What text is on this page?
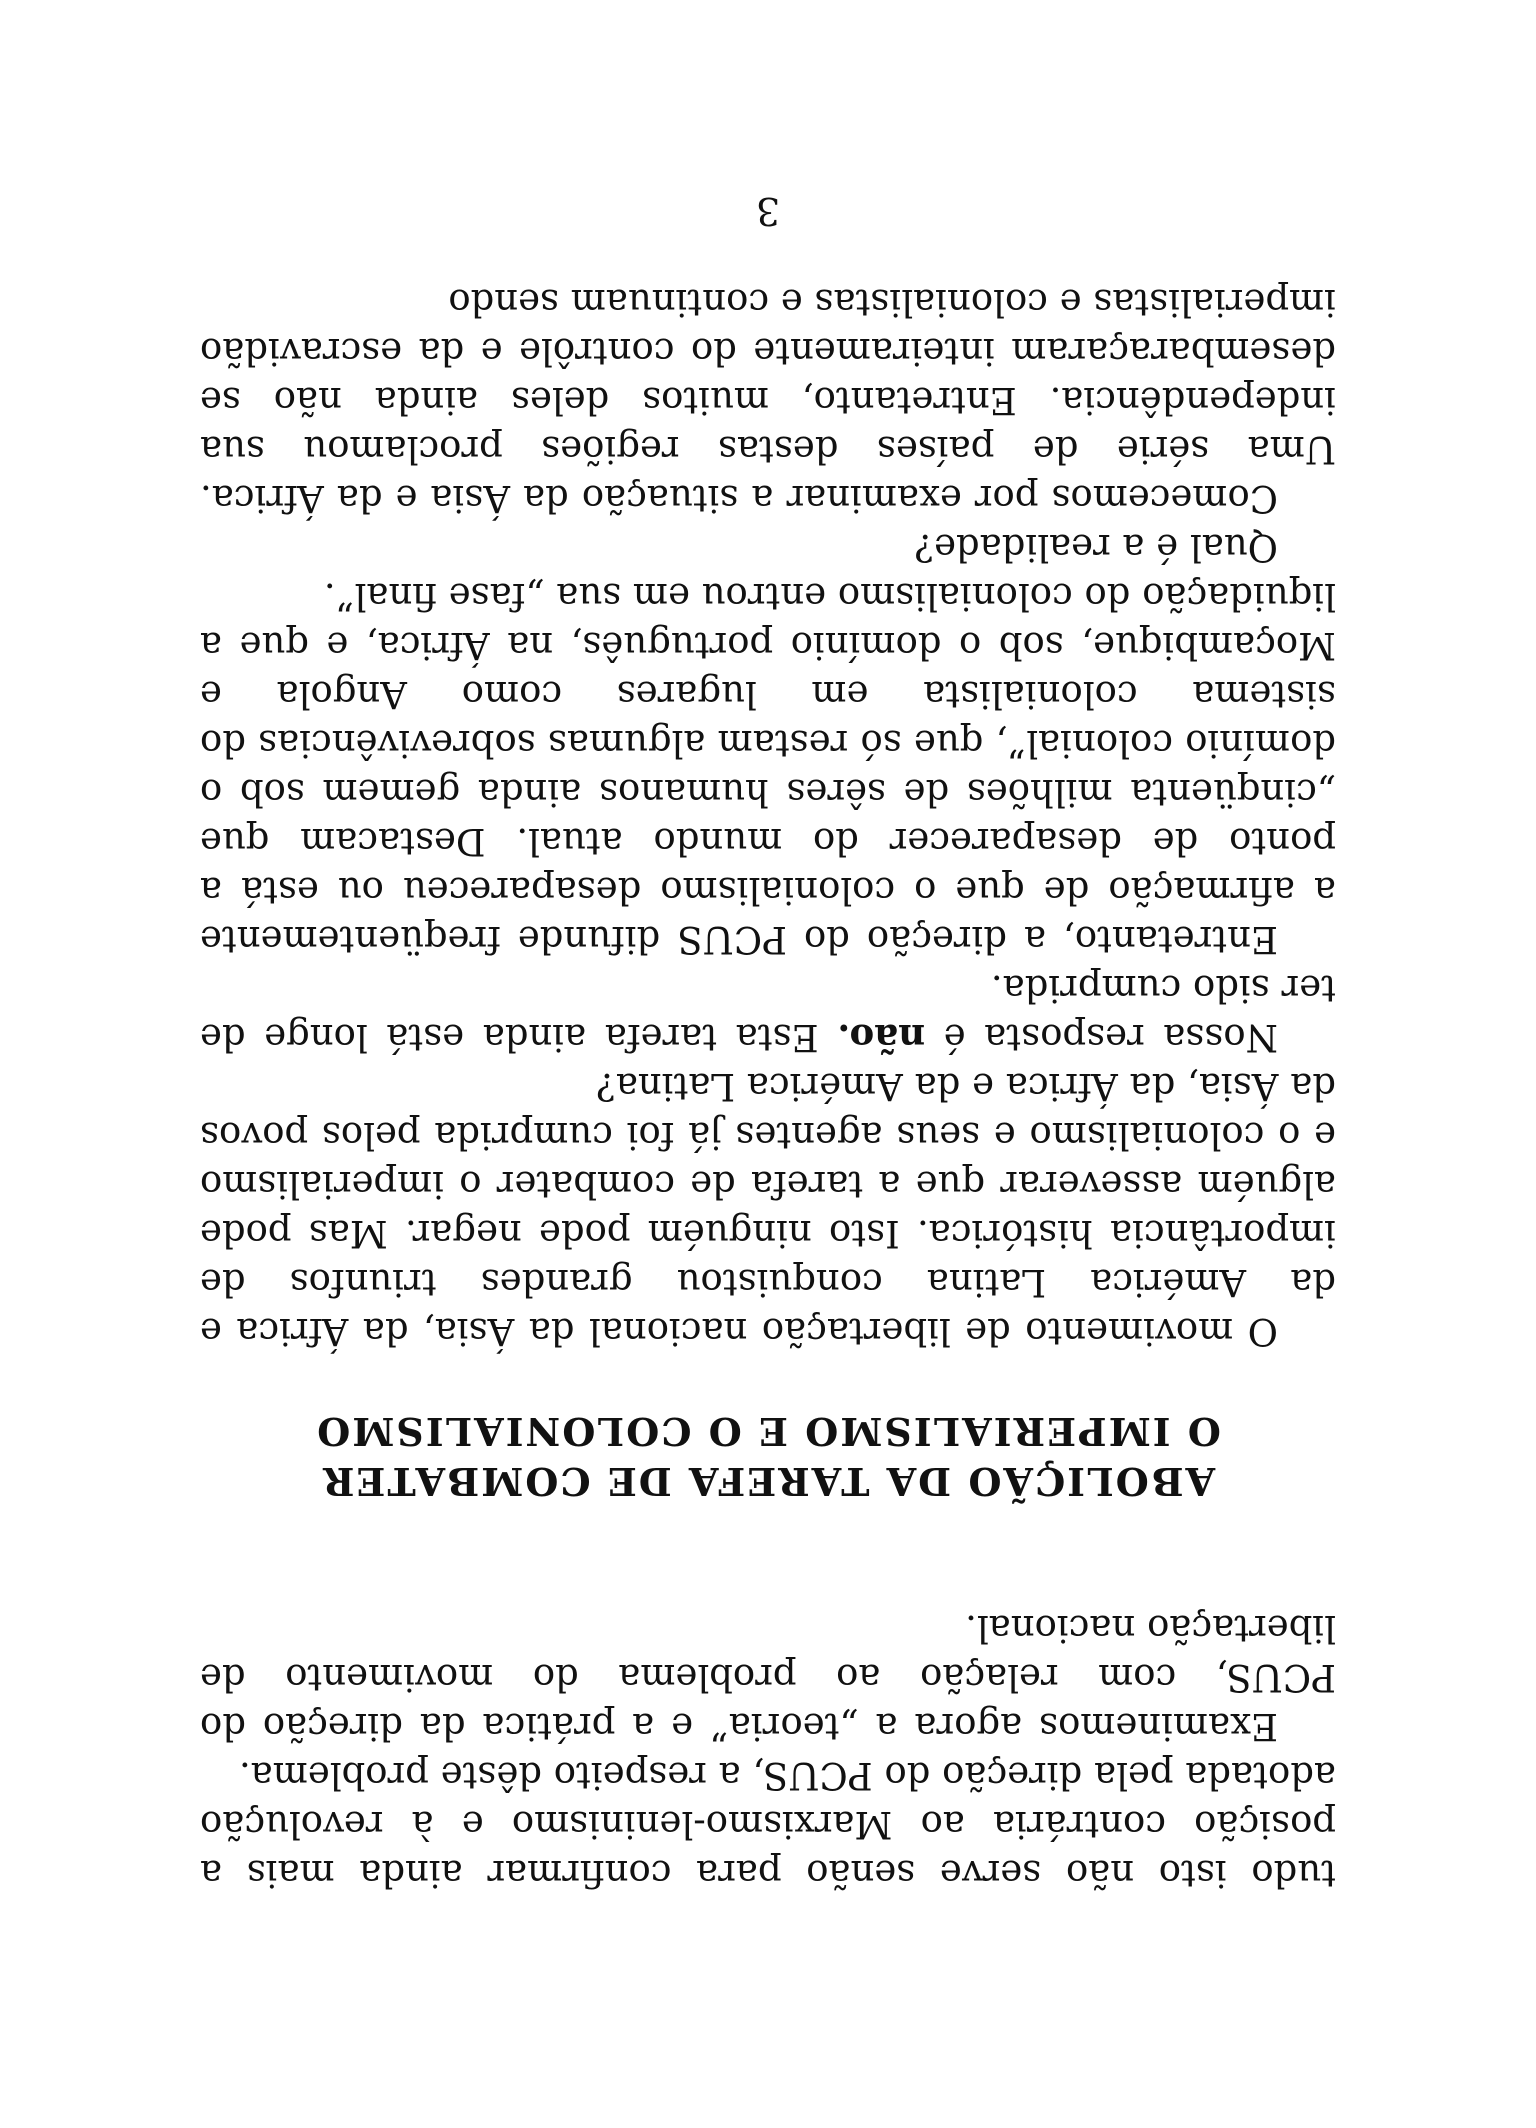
tudo isto não serve senão para confirmar ainda mais a posição contrária ao Marxismo-leninismo e à revolução adotada pela direção do PCUS, a respeito dêste problema.

Examinemos agora a „teoria” e a prática da direção do PCUS, com relação ao problema do movimento de libertação nacional.

ABOLIÇÃO DA TAREFA DE COMBATER
O IMPERIALISMO E O COLONIALISMO

O movimento de libertação nacional da Ásia, da África e da América Latina conquistou grandes triunfos de importância histórica. Isto ninguém pode negar. Mas pode alguém asseverar que a tarefa de combater o imperialismo e o colonialismo e seus agentes já foi cumprida pelos povos da Ásia, da África e da América Latina?

Nossa resposta é não. Esta tarefa ainda está longe de ter sido cumprida.

Entretanto, a direção do PCUS difunde freqüentemente a afirmação de que o colonialismo desapareceu ou está a ponto de desaparecer do mundo atual. Destacam que „cinqüenta milhões de sêres humanos ainda gemem sob o domínio colonial”, que só restam algumas sobrevivências do sistema colonialista em lugares como Angola e Moçambique, sob o domínio português, na África, e que a liquidação do colonialismo entrou em sua „fase final”.

Qual é a realidade?

Comecemos por examinar a situação da Ásia e da África. Uma série de países destas regiões proclamou sua independência. Entretanto, muitos deles ainda não se desembaraçaram inteiramente do contrôle e da escravidão imperialistas e colonialistas e continuam sendo

3
